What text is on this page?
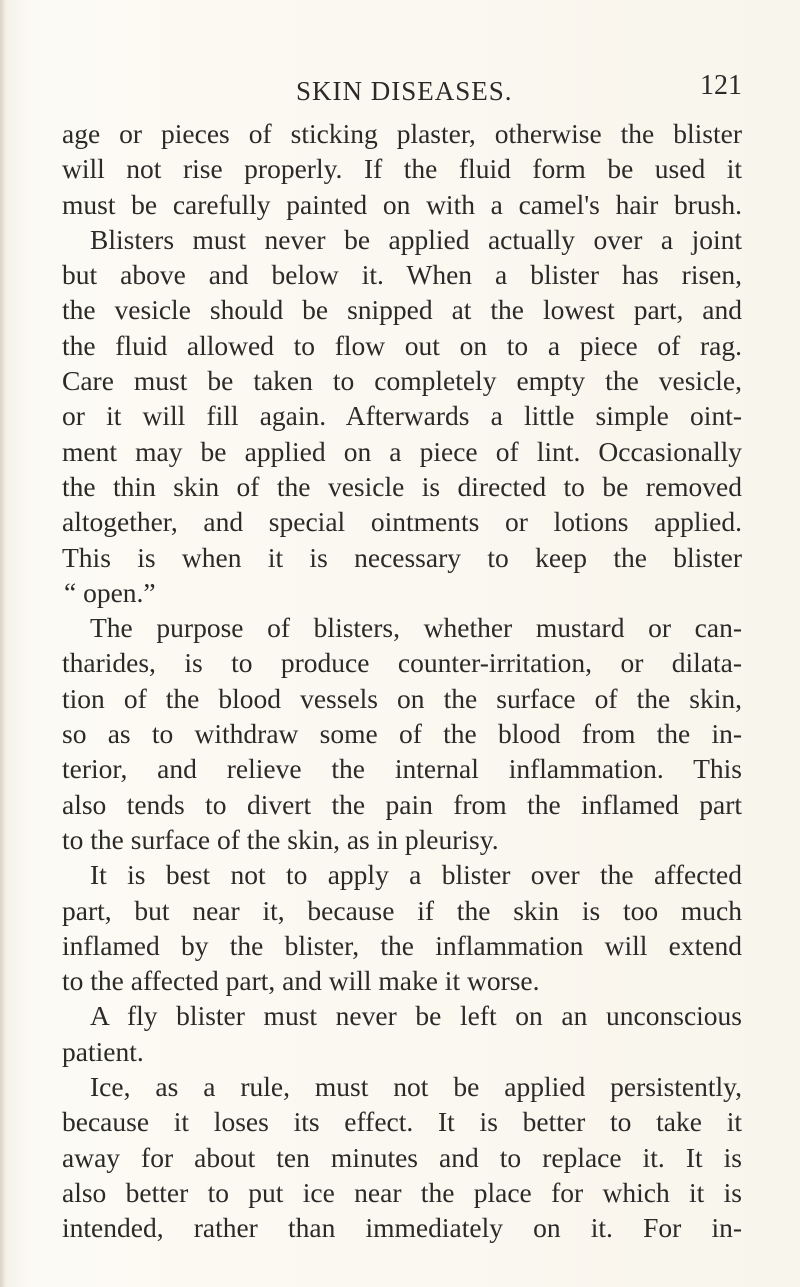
SKIN DISEASES.	121
age or pieces of sticking plaster, otherwise the blister
will not rise properly. If the fluid form be used it
must be carefully painted on with a camel's hair brush.
Blisters must never be applied actually over a joint
but above and below it. When a blister has risen,
the vesicle should be snipped at the lowest part, and
the fluid allowed to flow out on to a piece of rag.
Care must be taken to completely empty the vesicle,
or it will fill again. Afterwards a little simple oint-
ment may be applied on a piece of lint. Occasionally
the thin skin of the vesicle is directed to be removed
altogether, and special ointments or lotions applied.
This is when it is necessary to keep the blister
“ open.”
The purpose of blisters, whether mustard or can-
tharides, is to produce counter-irritation, or dilata-
tion of the blood vessels on the surface of the skin,
so as to withdraw some of the blood from the in-
terior, and relieve the internal inflammation. This
also tends to divert the pain from the inflamed part
to the surface of the skin, as in pleurisy.
It is best not to apply a blister over the affected
part, but near it, because if the skin is too much
inflamed by the blister, the inflammation will extend
to the affected part, and will make it worse.
A fly blister must never be left on an unconscious
patient.
Ice, as a rule, must not be applied persistently,
because it loses its effect. It is better to take it
away for about ten minutes and to replace it. It is
also better to put ice near the place for which it is
intended, rather than immediately on it. For in-
